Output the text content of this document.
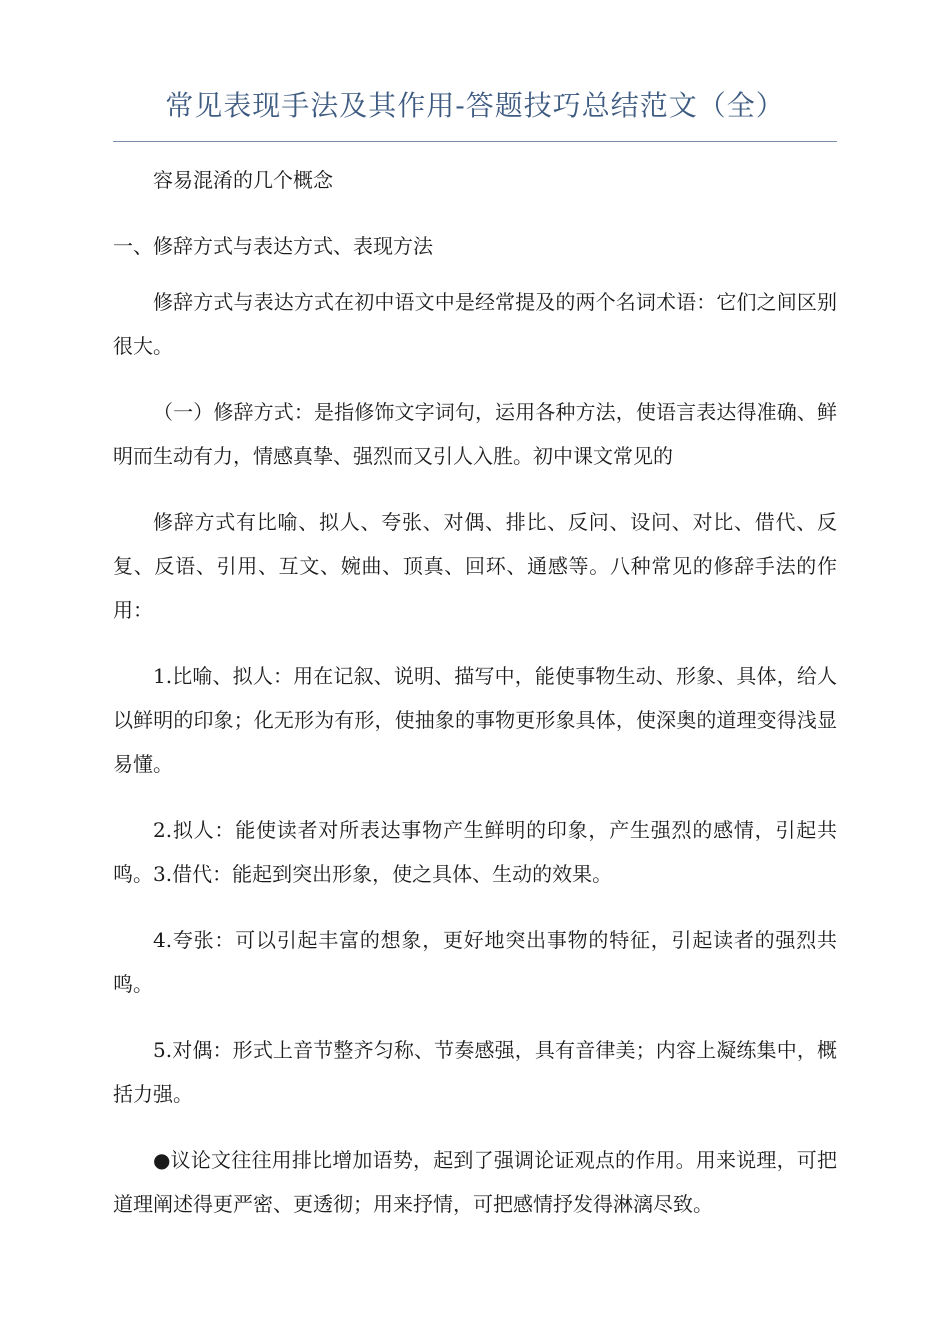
常见表现手法及其作用-答题技巧总结范文（全）

容易混淆的几个概念

一、修辞方式与表达方式、表现方法

修辞方式与表达方式在初中语文中是经常提及的两个名词术语：它们之间区别很大。

（一）修辞方式：是指修饰文字词句，运用各种方法，使语言表达得准确、鲜明而生动有力，情感真挚、强烈而又引人入胜。初中课文常见的

修辞方式有比喻、拟人、夸张、对偶、排比、反问、设问、对比、借代、反复、反语、引用、互文、婉曲、顶真、回环、通感等。八种常见的修辞手法的作用：

1.比喻、拟人：用在记叙、说明、描写中，能使事物生动、形象、具体，给人以鲜明的印象；化无形为有形，使抽象的事物更形象具体，使深奥的道理变得浅显易懂。

2.拟人：能使读者对所表达事物产生鲜明的印象，产生强烈的感情，引起共鸣。3.借代：能起到突出形象，使之具体、生动的效果。

4.夸张：可以引起丰富的想象，更好地突出事物的特征，引起读者的强烈共鸣。

5.对偶：形式上音节整齐匀称、节奏感强，具有音律美；内容上凝练集中，概括力强。

●议论文往往用排比增加语势，起到了强调论证观点的作用。用来说理，可把道理阐述得更严密、更透彻；用来抒情，可把感情抒发得淋漓尽致。
